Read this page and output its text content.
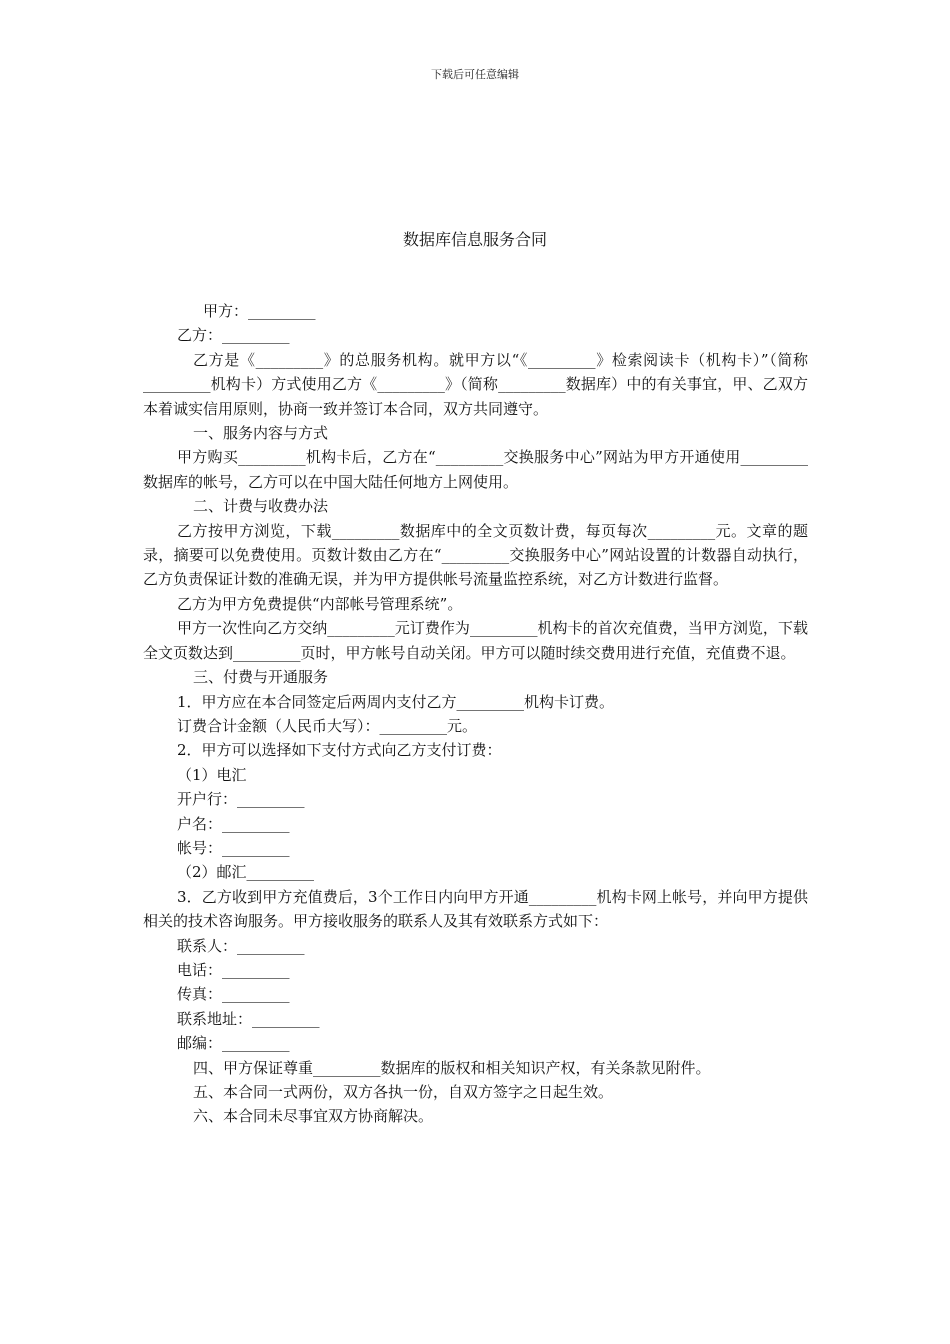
下载后可任意编辑
数据库信息服务合同

甲方：_________

乙方：_________

乙方是《_________》的总服务机构。就甲方以“《_________》检索阅读卡（机构卡）”（简称_________机构卡）方式使用乙方《_________》（简称_________数据库）中的有关事宜，甲、乙双方本着诚实信用原则，协商一致并签订本合同，双方共同遵守。

一、服务内容与方式

甲方购买_________机构卡后，乙方在“_________交换服务中心”网站为甲方开通使用_________数据库的帐号，乙方可以在中国大陆任何地方上网使用。

二、计费与收费办法

乙方按甲方浏览，下载_________数据库中的全文页数计费，每页每次_________元。文章的题录，摘要可以免费使用。页数计数由乙方在“_________交换服务中心”网站设置的计数器自动执行，乙方负责保证计数的准确无误，并为甲方提供帐号流量监控系统，对乙方计数进行监督。

乙方为甲方免费提供“内部帐号管理系统”。

甲方一次性向乙方交纳_________元订费作为_________机构卡的首次充值费，当甲方浏览，下载全文页数达到_________页时，甲方帐号自动关闭。甲方可以随时续交费用进行充值，充值费不退。

三、付费与开通服务

1．甲方应在本合同签定后两周内支付乙方_________机构卡订费。

订费合计金额（人民币大写）：_________元。

2．甲方可以选择如下支付方式向乙方支付订费：

（1）电汇

开户行：_________

户名：_________

帐号：_________

（2）邮汇_________

3．乙方收到甲方充值费后，3个工作日内向甲方开通_________机构卡网上帐号，并向甲方提供相关的技术咨询服务。甲方接收服务的联系人及其有效联系方式如下：

联系人：_________

电话：_________

传真：_________

联系地址：_________

邮编：_________

四、甲方保证尊重_________数据库的版权和相关知识产权，有关条款见附件。

五、本合同一式两份，双方各执一份，自双方签字之日起生效。

六、本合同未尽事宜双方协商解决。
